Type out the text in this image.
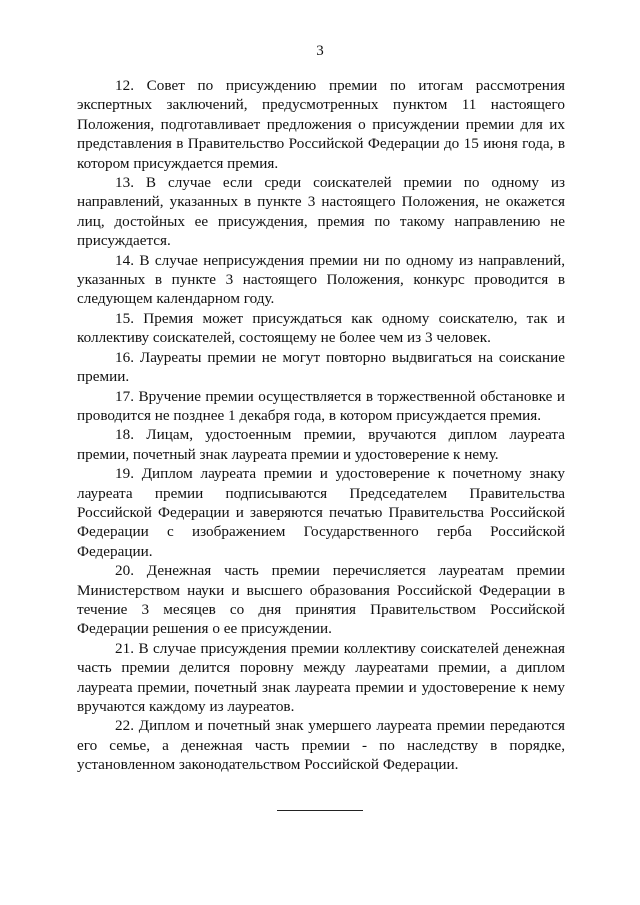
3

12. Совет по присуждению премии по итогам рассмотрения экспертных заключений, предусмотренных пунктом 11 настоящего Положения, подготавливает предложения о присуждении премии для их представления в Правительство Российской Федерации до 15 июня года, в котором присуждается премия.

13. В случае если среди соискателей премии по одному из направлений, указанных в пункте 3 настоящего Положения, не окажется лиц, достойных ее присуждения, премия по такому направлению не присуждается.

14. В случае неприсуждения премии ни по одному из направлений, указанных в пункте 3 настоящего Положения, конкурс проводится в следующем календарном году.

15. Премия может присуждаться как одному соискателю, так и коллективу соискателей, состоящему не более чем из 3 человек.

16. Лауреаты премии не могут повторно выдвигаться на соискание премии.

17. Вручение премии осуществляется в торжественной обстановке и проводится не позднее 1 декабря года, в котором присуждается премия.

18. Лицам, удостоенным премии, вручаются диплом лауреата премии, почетный знак лауреата премии и удостоверение к нему.

19. Диплом лауреата премии и удостоверение к почетному знаку лауреата премии подписываются Председателем Правительства Российской Федерации и заверяются печатью Правительства Российской Федерации с изображением Государственного герба Российской Федерации.

20. Денежная часть премии перечисляется лауреатам премии Министерством науки и высшего образования Российской Федерации в течение 3 месяцев со дня принятия Правительством Российской Федерации решения о ее присуждении.

21. В случае присуждения премии коллективу соискателей денежная часть премии делится поровну между лауреатами премии, а диплом лауреата премии, почетный знак лауреата премии и удостоверение к нему вручаются каждому из лауреатов.

22. Диплом и почетный знак умершего лауреата премии передаются его семье, а денежная часть премии - по наследству в порядке, установленном законодательством Российской Федерации.
